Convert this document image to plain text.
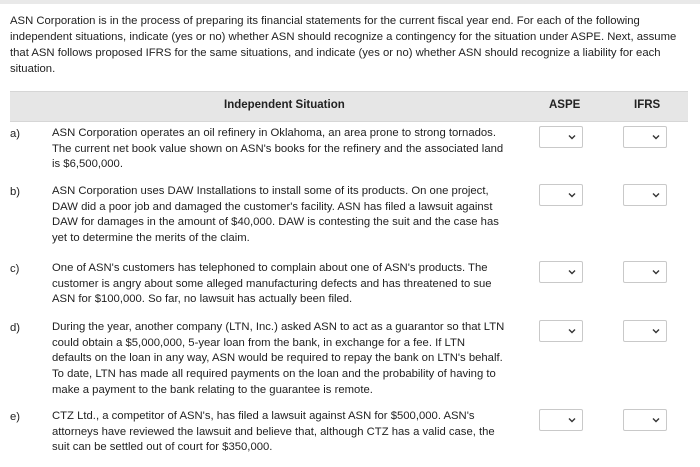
ASN Corporation is in the process of preparing its financial statements for the current fiscal year end. For each of the following independent situations, indicate (yes or no) whether ASN should recognize a contingency for the situation under ASPE. Next, assume that ASN follows proposed IFRS for the same situations, and indicate (yes or no) whether ASN should recognize a liability for each situation.
Independent Situation	ASPE	IFRS
a)	ASN Corporation operates an oil refinery in Oklahoma, an area prone to strong tornados. The current net book value shown on ASN's books for the refinery and the associated land is $6,500,000.
b)	ASN Corporation uses DAW Installations to install some of its products. On one project, DAW did a poor job and damaged the customer's facility. ASN has filed a lawsuit against DAW for damages in the amount of $40,000. DAW is contesting the suit and the case has yet to determine the merits of the claim.
c)	One of ASN's customers has telephoned to complain about one of ASN's products. The customer is angry about some alleged manufacturing defects and has threatened to sue ASN for $100,000. So far, no lawsuit has actually been filed.
d)	During the year, another company (LTN, Inc.) asked ASN to act as a guarantor so that LTN could obtain a $5,000,000, 5-year loan from the bank, in exchange for a fee. If LTN defaults on the loan in any way, ASN would be required to repay the bank on LTN's behalf. To date, LTN has made all required payments on the loan and the probability of having to make a payment to the bank relating to the guarantee is remote.
e)	CTZ Ltd., a competitor of ASN's, has filed a lawsuit against ASN for $500,000. ASN's attorneys have reviewed the lawsuit and believe that, although CTZ has a valid case, the suit can be settled out of court for $350,000.
